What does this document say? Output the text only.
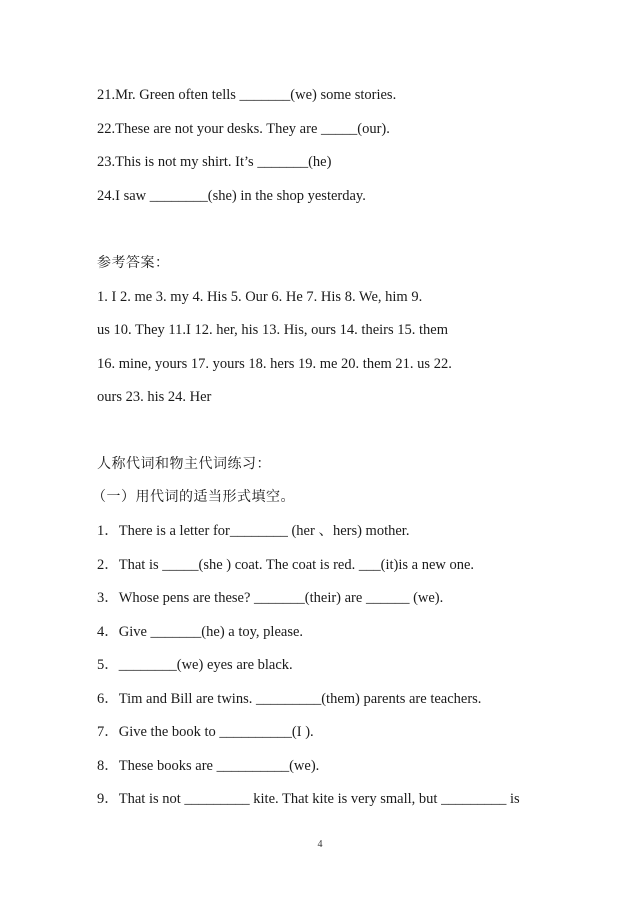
21.Mr. Green often tells _______(we) some stories.
22.These are not your desks. They are _____(our).
23.This is not my shirt. It’s _______(he)
24.I saw ________(she) in the shop yesterday.
参考答案：
1. I 2. me 3. my 4. His 5. Our 6. He 7. His 8. We, him 9.
us 10. They 11.I 12. her, his 13. His, ours 14. theirs 15. them
16. mine, yours 17. yours 18. hers 19. me 20. them 21. us 22.
ours 23. his 24. Her
人称代词和物主代词练习：
（一）用代词的适当形式填空。
1．There is a letter for________ (her 、hers) mother.
2．That is _____(she ) coat. The coat is red. ___(it)is a new one.
3．Whose pens are these? _______(their) are ______ (we).
4．Give _______(he) a toy, please.
5．________(we) eyes are black.
6．Tim and Bill are twins. _________(them) parents are teachers.
7．Give the book to __________(I ).
8．These books are __________(we).
9．That is not _________ kite. That kite is very small, but _________ is
4
